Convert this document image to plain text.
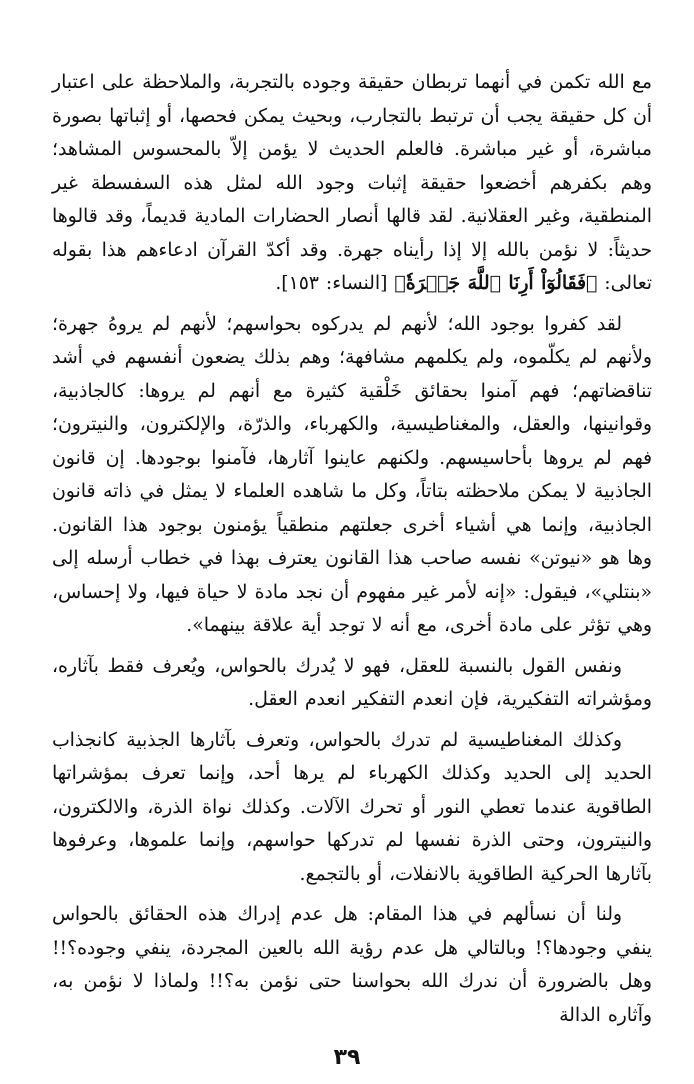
مع الله تكمن في أنهما تربطان حقيقة وجوده بالتجربة، والملاحظة على اعتبار أن كل حقيقة يجب أن ترتبط بالتجارب، وبحيث يمكن فحصها، أو إثباتها بصورة مباشرة، أو غير مباشرة. فالعلم الحديث لا يؤمن إلاّ بالمحسوس المشاهد؛ وهم بكفرهم أخضعوا حقيقة إثبات وجود الله لمثل هذه السفسطة غير المنطقية، وغير العقلانية. لقد قالها أنصار الحضارات المادية قديماً، وقد قالوها حديثاً: لا نؤمن بالله إلا إذا رأيناه جهرة. وقد أكدّ القرآن ادعاءهم هذا بقوله تعالى: ﴿فَقَالُوٓاْ أَرِنَا ٱللَّهَ جَهۡرَةٗ﴾ [النساء: ١٥٣].

لقد كفروا بوجود الله؛ لأنهم لم يدركوه بحواسهم؛ لأنهم لم يروهُ جهرة؛ ولأنهم لم يكلّموه، ولم يكلمهم مشافهة؛ وهم بذلك يضعون أنفسهم في أشد تناقضاتهم؛ فهم آمنوا بحقائق خَلْقية كثيرة مع أنهم لم يروها: كالجاذبية، وقوانينها، والعقل، والمغناطيسية، والكهرباء، والذرّة، والإلكترون، والنيترون؛ فهم لم يروها بأحاسيسهم. ولكنهم عاينوا آثارها، فآمنوا بوجودها. إن قانون الجاذبية لا يمكن ملاحظته بتاتاً، وكل ما شاهده العلماء لا يمثل في ذاته قانون الجاذبية، وإنما هي أشياء أخرى جعلتهم منطقياً يؤمنون بوجود هذا القانون. وها هو «نيوتن» نفسه صاحب هذا القانون يعترف بهذا في خطاب أرسله إلى «بنتلي»، فيقول: «إنه لأمر غير مفهوم أن نجد مادة لا حياة فيها، ولا إحساس، وهي تؤثر على مادة أخرى، مع أنه لا توجد أية علاقة بينهما».

ونفس القول بالنسبة للعقل، فهو لا يُدرك بالحواس، ويُعرف فقط بآثاره، ومؤشراته التفكيرية، فإن انعدم التفكير انعدم العقل.

وكذلك المغناطيسية لم تدرك بالحواس، وتعرف بآثارها الجذبية كانجذاب الحديد إلى الحديد وكذلك الكهرباء لم يرها أحد، وإنما تعرف بمؤشراتها الطاقوية عندما تعطي النور أو تحرك الآلات. وكذلك نواة الذرة، والالكترون، والنيترون، وحتى الذرة نفسها لم تدركها حواسهم، وإنما علموها، وعرفوها بآثارها الحركية الطاقوية بالانفلات، أو بالتجمع.

ولنا أن نسألهم في هذا المقام: هل عدم إدراك هذه الحقائق بالحواس ينفي وجودها؟! وبالتالي هل عدم رؤية الله بالعين المجردة، ينفي وجوده؟!! وهل بالضرورة أن ندرك الله بحواسنا حتى نؤمن به؟!! ولماذا لا نؤمن به، وآثاره الدالة

٣٩
